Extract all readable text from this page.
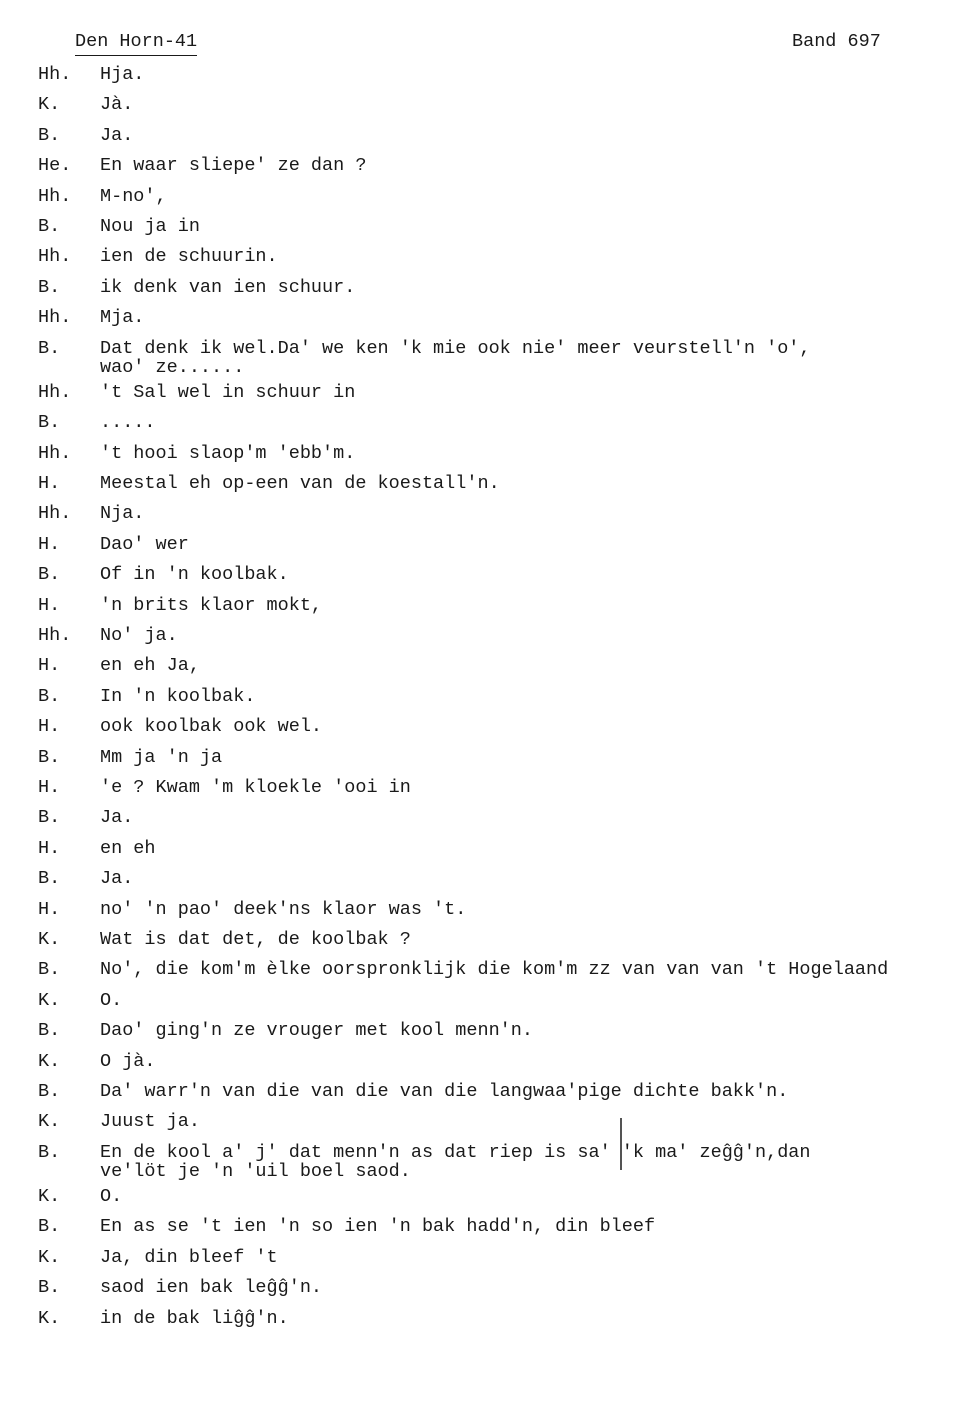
Den Horn-41	Band 697
Hh.	Hja.
K.	Jà.
B.	Ja.
He.	En waar sliepe' ze dan ?
Hh.	M-no',
B.	Nou ja in
Hh.	ien de schuurin.
B.	ik denk van ien schuur.
Hh.	Mja.
B.	Dat denk ik wel.Da' we ken 'k mie ook nie' meer veurstell'n 'o',
wao' ze......
Hh.	't Sal wel in schuur in
B.	.....
Hh.	't hooi slaop'm 'ebb'm.
H.	Meestal eh op-een van de koestall'n.
Hh.	Nja.
H.	Dao' wer
B.	Of in 'n koolbak.
H.	'n brits klaor mokt,
Hh.	No' ja.
H.	en eh Ja,
B.	In 'n koolbak.
H.	ook koolbak ook wel.
B.	Mm ja 'n ja
H.	'e ? Kwam 'm kloekle 'ooi in
B.	Ja.
H.	en eh
B.	Ja.
H.	no' 'n pao' deek'ns klaor was 't.
K.	Wat is dat det, de koolbak ?
B.	No', die kom'm èlke oorspronklijk die kom'm zz van van van 't Hogelaand
K.	O.
B.	Dao' ging'n ze vrouger met kool menn'n.
K.	O jà.
B.	Da' warr'n van die van die van die langwaa'pige dichte bakk'n.
K.	Juust ja.
B.	En de kool a' j' dat menn'n as dat riep is sa' 'k ma' zeĝĝ'n,dan
ve'löt je 'n 'uil boel saod.
K.	O.
B.	En as se 't ien 'n so ien 'n bak hadd'n, din bleef
K.	Ja, din bleef 't
B.	saod ien bak leĝĝ'n.
K.	in de bak liĝĝ'n.
